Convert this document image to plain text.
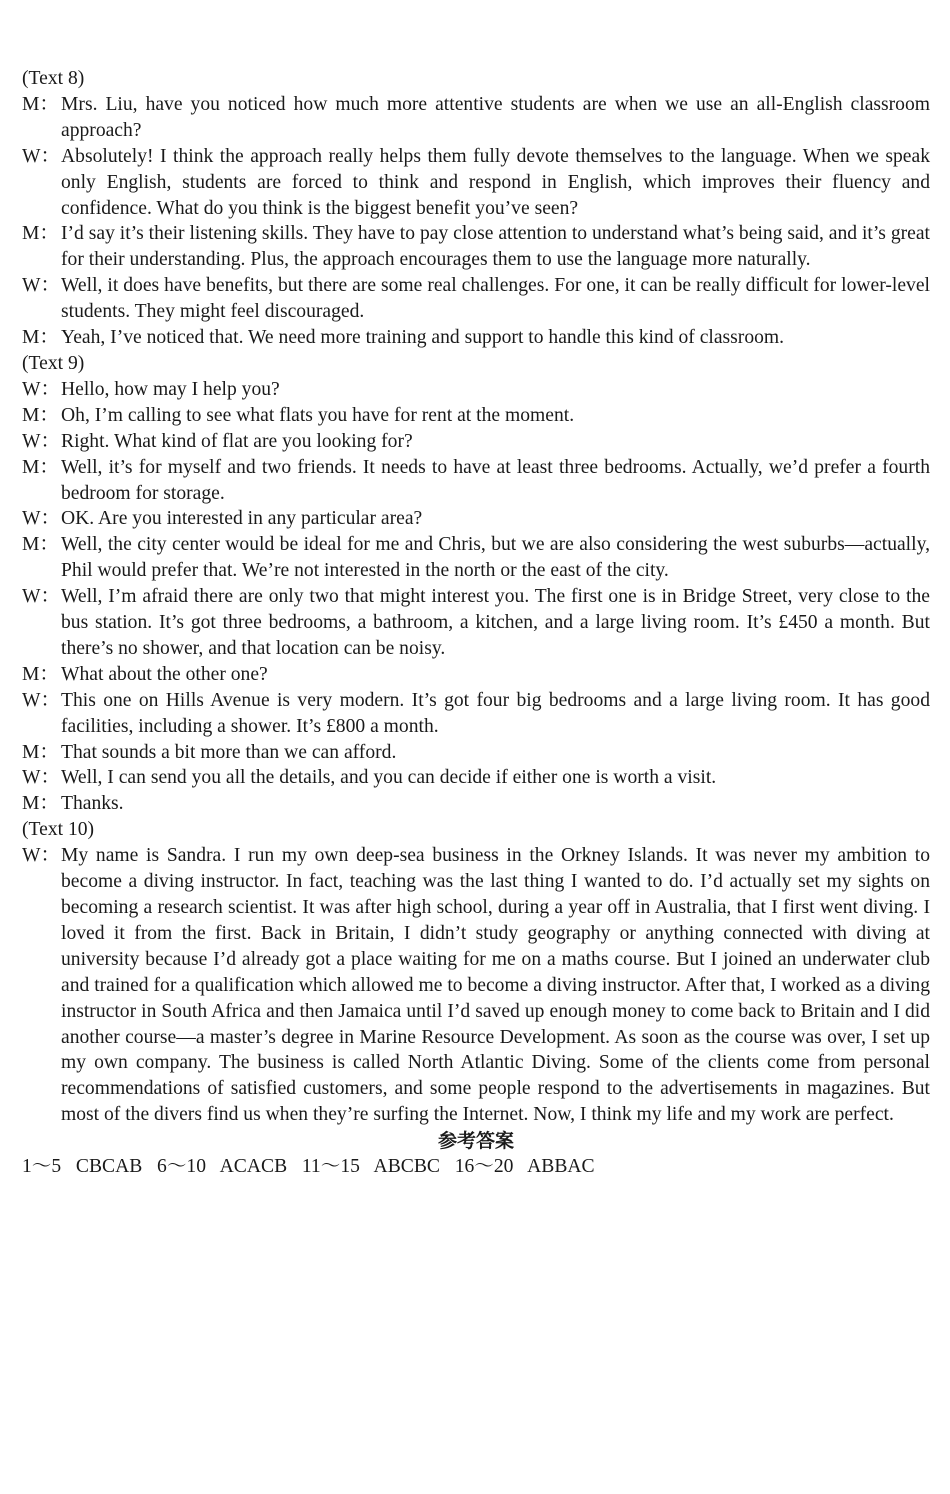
(Text 8)

M： Mrs. Liu, have you noticed how much more attentive students are when we use an all-English classroom approach?

W：Absolutely! I think the approach really helps them fully devote themselves to the language. When we speak only English, students are forced to think and respond in English, which improves their fluency and confidence. What do you think is the biggest benefit you’ve seen?

M： I’d say it’s their listening skills. They have to pay close attention to understand what’s being said, and it’s great for their understanding. Plus, the approach encourages them to use the language more naturally.

W：Well, it does have benefits, but there are some real challenges. For one, it can be really difficult for lower-level students. They might feel discouraged.

M： Yeah, I’ve noticed that. We need more training and support to handle this kind of classroom.

(Text 9)

W：Hello, how may I help you?

M： Oh, I’m calling to see what flats you have for rent at the moment.

W：Right. What kind of flat are you looking for?

M： Well, it’s for myself and two friends. It needs to have at least three bedrooms. Actually, we’d prefer a fourth bedroom for storage.

W：OK. Are you interested in any particular area?

M： Well, the city center would be ideal for me and Chris, but we are also considering the west suburbs—actually, Phil would prefer that. We’re not interested in the north or the east of the city.

W：Well, I’m afraid there are only two that might interest you. The first one is in Bridge Street, very close to the bus station. It’s got three bedrooms, a bathroom, a kitchen, and a large living room. It’s £450 a month. But there’s no shower, and that location can be noisy.

M： What about the other one?

W：This one on Hills Avenue is very modern. It’s got four big bedrooms and a large living room. It has good facilities, including a shower. It’s £800 a month.

M： That sounds a bit more than we can afford.

W：Well, I can send you all the details, and you can decide if either one is worth a visit.

M： Thanks.

(Text 10)

W：My name is Sandra. I run my own deep-sea business in the Orkney Islands. It was never my ambition to become a diving instructor. In fact, teaching was the last thing I wanted to do. I’d actually set my sights on becoming a research scientist. It was after high school, during a year off in Australia, that I first went diving. I loved it from the first. Back in Britain, I didn’t study geography or anything connected with diving at university because I’d already got a place waiting for me on a maths course. But I joined an underwater club and trained for a qualification which allowed me to become a diving instructor. After that, I worked as a diving instructor in South Africa and then Jamaica until I’d saved up enough money to come back to Britain and I did another course—a master’s degree in Marine Resource Development. As soon as the course was over, I set up my own company. The business is called North Atlantic Diving. Some of the clients come from personal recommendations of satisfied customers, and some people respond to the advertisements in magazines. But most of the divers find us when they’re surfing the Internet. Now, I think my life and my work are perfect.

参考答案
1～5 CBCAB 6～10 ACACB 11～15 ABCBC 16～20 ABBAC
